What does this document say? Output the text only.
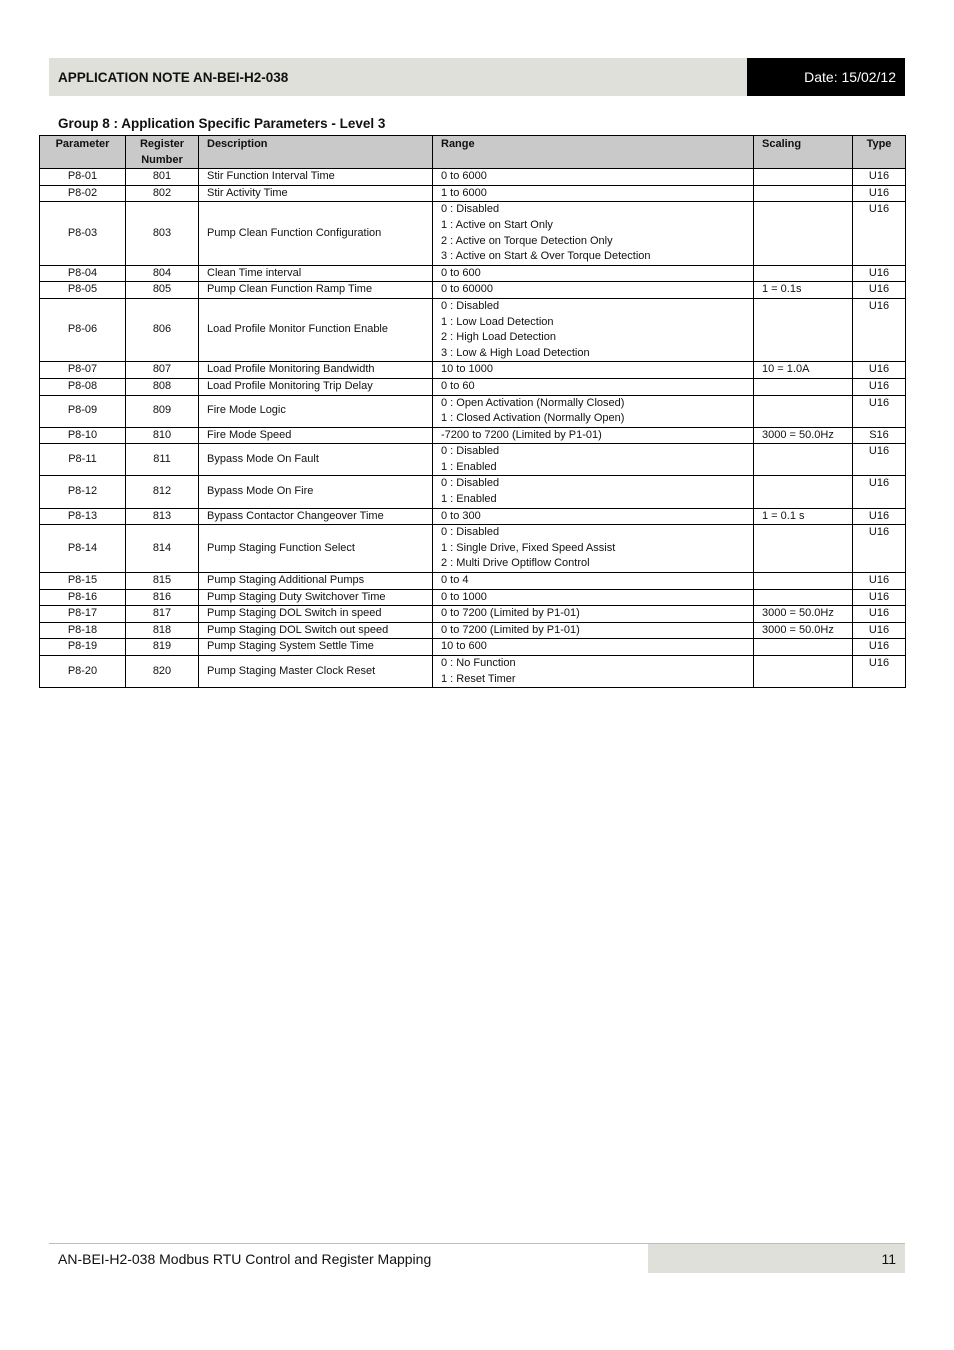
APPLICATION NOTE AN-BEI-H2-038	Date: 15/02/12
Group 8 : Application Specific Parameters - Level 3
Parameter	Register Number	Description	Range	Scaling	Type
P8-01	801	Stir Function Interval Time	0 to 6000		U16
P8-02	802	Stir Activity Time	1 to 6000		U16
P8-03	803	Pump Clean Function Configuration	0 : Disabled
1 : Active on Start Only
2 : Active on Torque Detection Only
3 : Active on Start & Over Torque Detection		U16
P8-04	804	Clean Time interval	0 to 600		U16
P8-05	805	Pump Clean Function Ramp Time	0 to 60000	1 = 0.1s	U16
P8-06	806	Load Profile Monitor Function Enable	0 : Disabled
1 : Low Load Detection
2 : High Load Detection
3 : Low & High Load Detection		U16
P8-07	807	Load Profile Monitoring Bandwidth	10 to 1000	10 = 1.0A	U16
P8-08	808	Load Profile Monitoring Trip Delay	0 to 60		U16
P8-09	809	Fire Mode Logic	0 : Open Activation (Normally Closed)
1 : Closed Activation (Normally Open)		U16
P8-10	810	Fire Mode Speed	-7200 to 7200 (Limited by P1-01)	3000 = 50.0Hz	S16
P8-11	811	Bypass Mode On Fault	0 : Disabled
1 : Enabled		U16
P8-12	812	Bypass Mode On Fire	0 : Disabled
1 : Enabled		U16
P8-13	813	Bypass Contactor Changeover Time	0 to 300	1 = 0.1 s	U16
P8-14	814	Pump Staging Function Select	0 : Disabled
1 : Single Drive, Fixed Speed Assist
2 : Multi Drive Optiflow Control		U16
P8-15	815	Pump Staging Additional Pumps	0 to 4		U16
P8-16	816	Pump Staging Duty Switchover Time	0 to 1000		U16
P8-17	817	Pump Staging DOL Switch in speed	0 to 7200 (Limited by P1-01)	3000 = 50.0Hz	U16
P8-18	818	Pump Staging DOL Switch out speed	0 to 7200 (Limited by P1-01)	3000 = 50.0Hz	U16
P8-19	819	Pump Staging System Settle Time	10 to 600		U16
P8-20	820	Pump Staging Master Clock Reset	0 : No Function
1 : Reset Timer		U16
AN-BEI-H2-038 Modbus RTU Control and Register Mapping	11
